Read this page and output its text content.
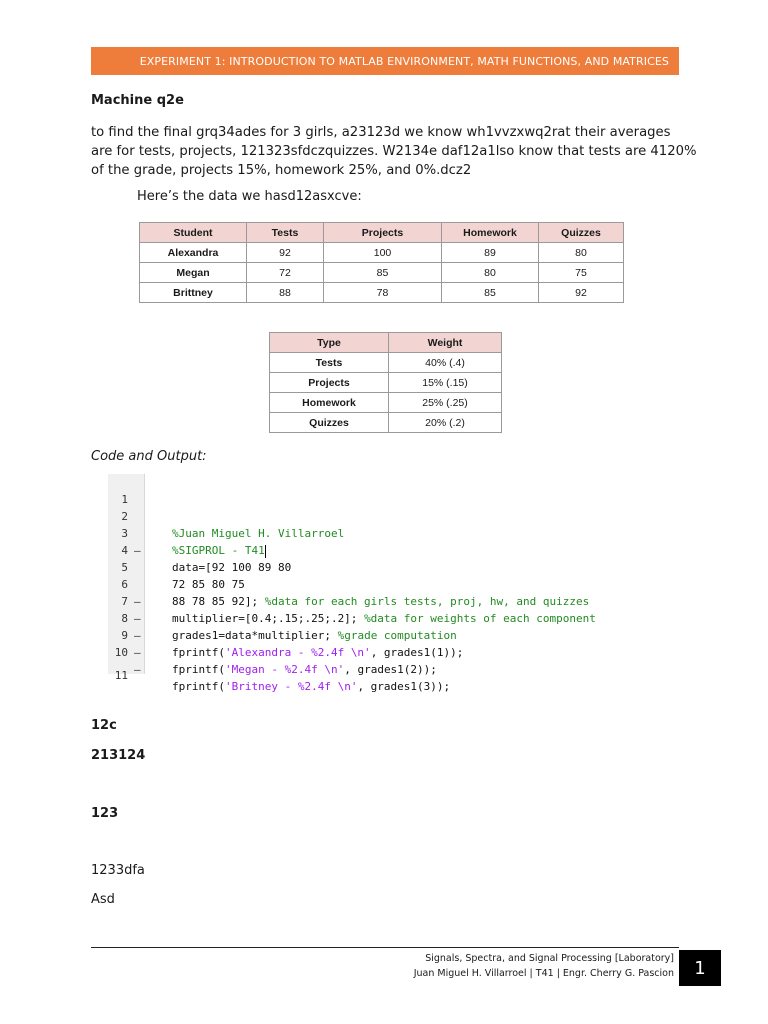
EXPERIMENT 1: INTRODUCTION TO MATLAB ENVIRONMENT, MATH FUNCTIONS, AND MATRICES
Machine q2e
to find the final grq34ades for 3 girls, a23123d we know wh1vvzxwq2rat their averages
are for tests, projects, 121323sfdczquizzes. W2134e daf12a1lso know that tests are 4120%
of the grade, projects 15%, homework 25%, and 0%.dcz2
Here’s the data we hasd12asxcve:
Student	Tests	Projects	Homework	Quizzes
Alexandra	92	100	89	80
Megan	72	85	80	75
Brittney	88	78	85	92
Type	Weight
Tests	40% (.4)
Projects	15% (.15)
Homework	25% (.25)
Quizzes	20% (.2)
Code and Output:

1

%Juan Miguel H. Villarroel

2

%SIGPROL - T41

3

–

data=[92 100 89 80

4

72 85 80 75

5

88 78 85 92]; %data for each girls tests, proj, hw, and quizzes

6

–

multiplier=[0.4;.15;.25;.2]; %data for weights of each component

7

–

grades1=data*multiplier; %grade computation

8

–

fprintf('Alexandra - %2.4f \n', grades1(1));

9

–

fprintf('Megan - %2.4f \n', grades1(2));

10

–

fprintf('Britney - %2.4f \n', grades1(3));

11

12c
213124
123
1233dfa
Asd
Signals, Spectra, and Signal Processing [Laboratory]
Juan Miguel H. Villarroel | T41 | Engr. Cherry G. Pascion	1
